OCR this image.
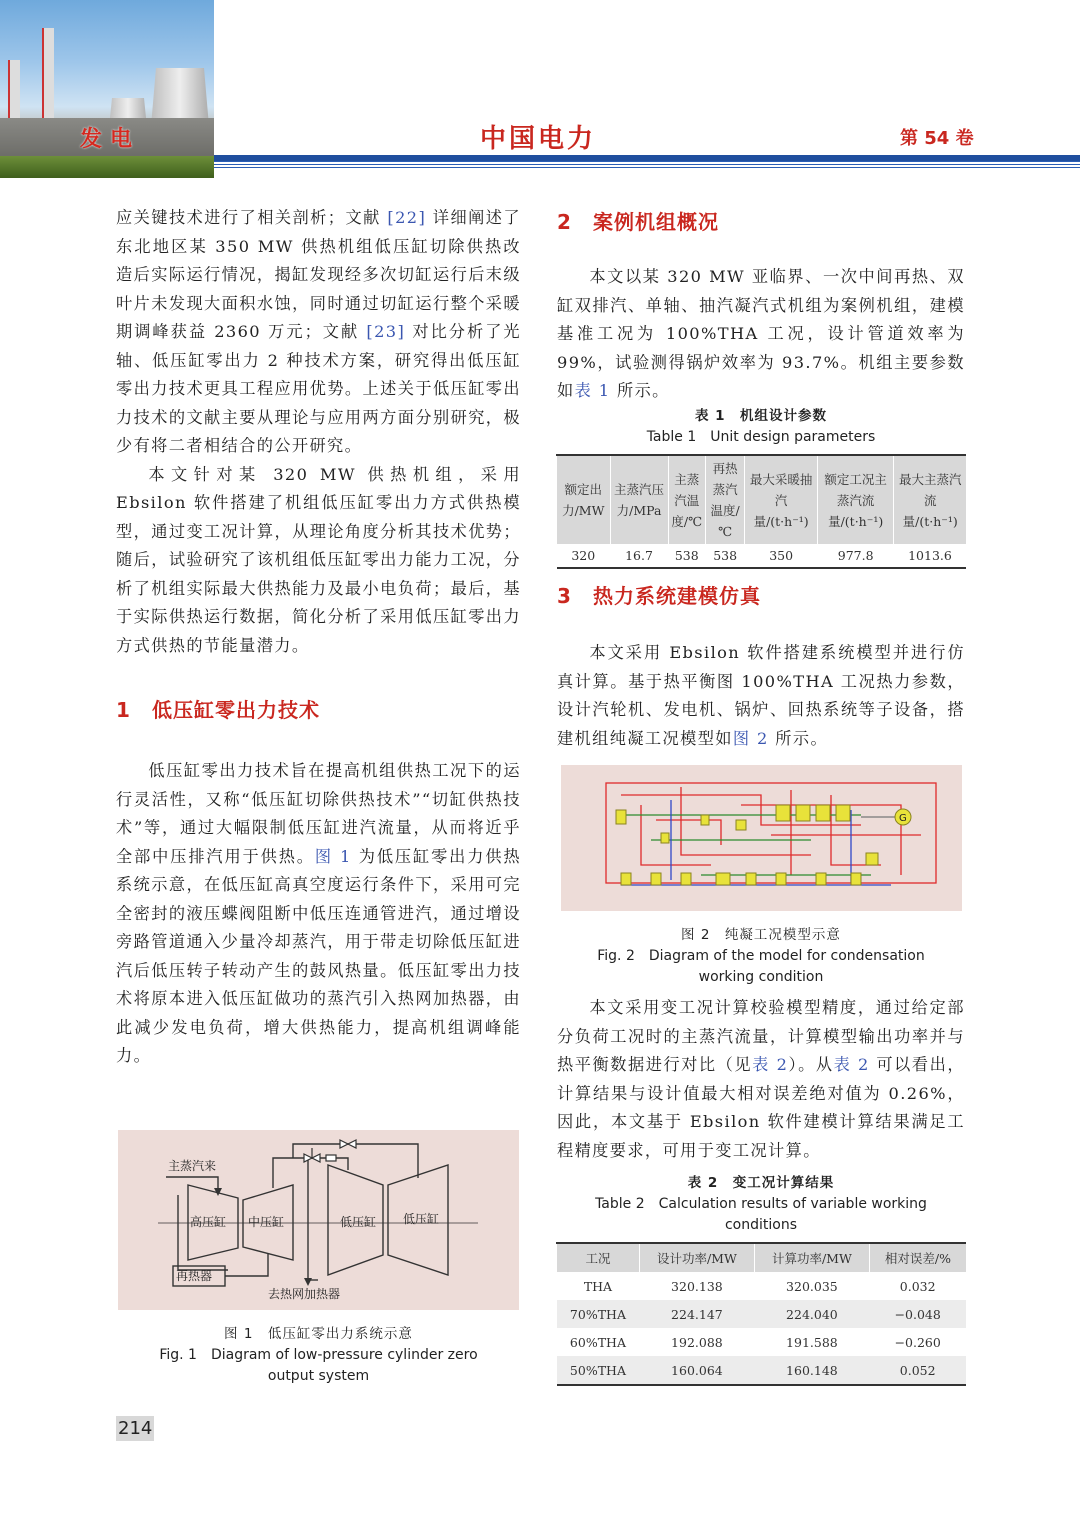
发电	中国电力	第 54 卷

应关键技术进行了相关剖析；文献 [22] 详细阐述了东北地区某 350 MW 供热机组低压缸切除供热改造后实际运行情况，揭缸发现经多次切缸运行后末级叶片未发现大面积水蚀，同时通过切缸运行整个采暖期调峰获益 2360 万元；文献 [23] 对比分析了光轴、低压缸零出力 2 种技术方案，研究得出低压缸零出力技术更具工程应用优势。上述关于低压缸零出力技术的文献主要从理论与应用两方面分别研究，极少有将二者相结合的公开研究。

本文针对某 320 MW 供热机组，采用 Ebsilon 软件搭建了机组低压缸零出力方式供热模型，通过变工况计算，从理论角度分析其技术优势；随后，试验研究了该机组低压缸零出力能力工况，分析了机组实际最大供热能力及最小电负荷；最后，基于实际供热运行数据，简化分析了采用低压缸零出力方式供热的节能量潜力。

1 低压缸零出力技术

低压缸零出力技术旨在提高机组供热工况下的运行灵活性，又称“低压缸切除供热技术”“切缸供热技术”等，通过大幅限制低压缸进汽流量，从而将近乎全部中压排汽用于供热。图 1 为低压缸零出力供热系统示意，在低压缸高真空度运行条件下，采用可完全密封的液压蝶阀阻断中低压连通管进汽，通过增设旁路管道通入少量冷却蒸汽，用于带走切除低压缸进汽后低压转子转动产生的鼓风热量。低压缸零出力技术将原本进入低压缸做功的蒸汽引入热网加热器，由此减少发电负荷，增大供热能力，提高机组调峰能力。

主蒸汽来
高压缸 中压缸	低压缸 低压缸
再热器
去热网加热器
图 1　低压缸零出力系统示意
Fig. 1　Diagram of low-pressure cylinder zero output system
214
2 案例机组概况

本文以某 320 MW 亚临界、一次中间再热、双缸双排汽、单轴、抽汽凝汽式机组为案例机组，建模基准工况为 100%THA 工况，设计管道效率为 99%，试验测得锅炉效率为 93.7%。机组主要参数如表 1 所示。

表 1　机组设计参数
Table 1　Unit design parameters
额定出力/MW	主蒸汽压力/MPa	主蒸汽温度/℃	再热蒸汽温度/℃	最大采暖抽汽量/(t·h⁻¹)	额定工况主蒸汽流量/(t·h⁻¹)	最大主蒸汽流量/(t·h⁻¹)
320	16.7	538	538	350	977.8	1013.6
3 热力系统建模仿真

本文采用 Ebsilon 软件搭建系统模型并进行仿真计算。基于热平衡图 100%THA 工况热力参数，设计汽轮机、发电机、锅炉、回热系统等子设备，搭建机组纯凝工况模型如图 2 所示。

G
图 2　纯凝工况模型示意
Fig. 2　Diagram of the model for condensation working condition

本文采用变工况计算校验模型精度，通过给定部分负荷工况时的主蒸汽流量，计算模型输出功率并与热平衡数据进行对比（见表 2）。从表 2 可以看出，计算结果与设计值最大相对误差绝对值为 0.26%，因此，本文基于 Ebsilon 软件建模计算结果满足工程精度要求，可用于变工况计算。

表 2　变工况计算结果
Table 2　Calculation results of variable working conditions
工况	设计功率/MW	计算功率/MW	相对误差/%
THA	320.138	320.035	0.032
70%THA	224.147	224.040	−0.048
60%THA	192.088	191.588	−0.260
50%THA	160.064	160.148	0.052
